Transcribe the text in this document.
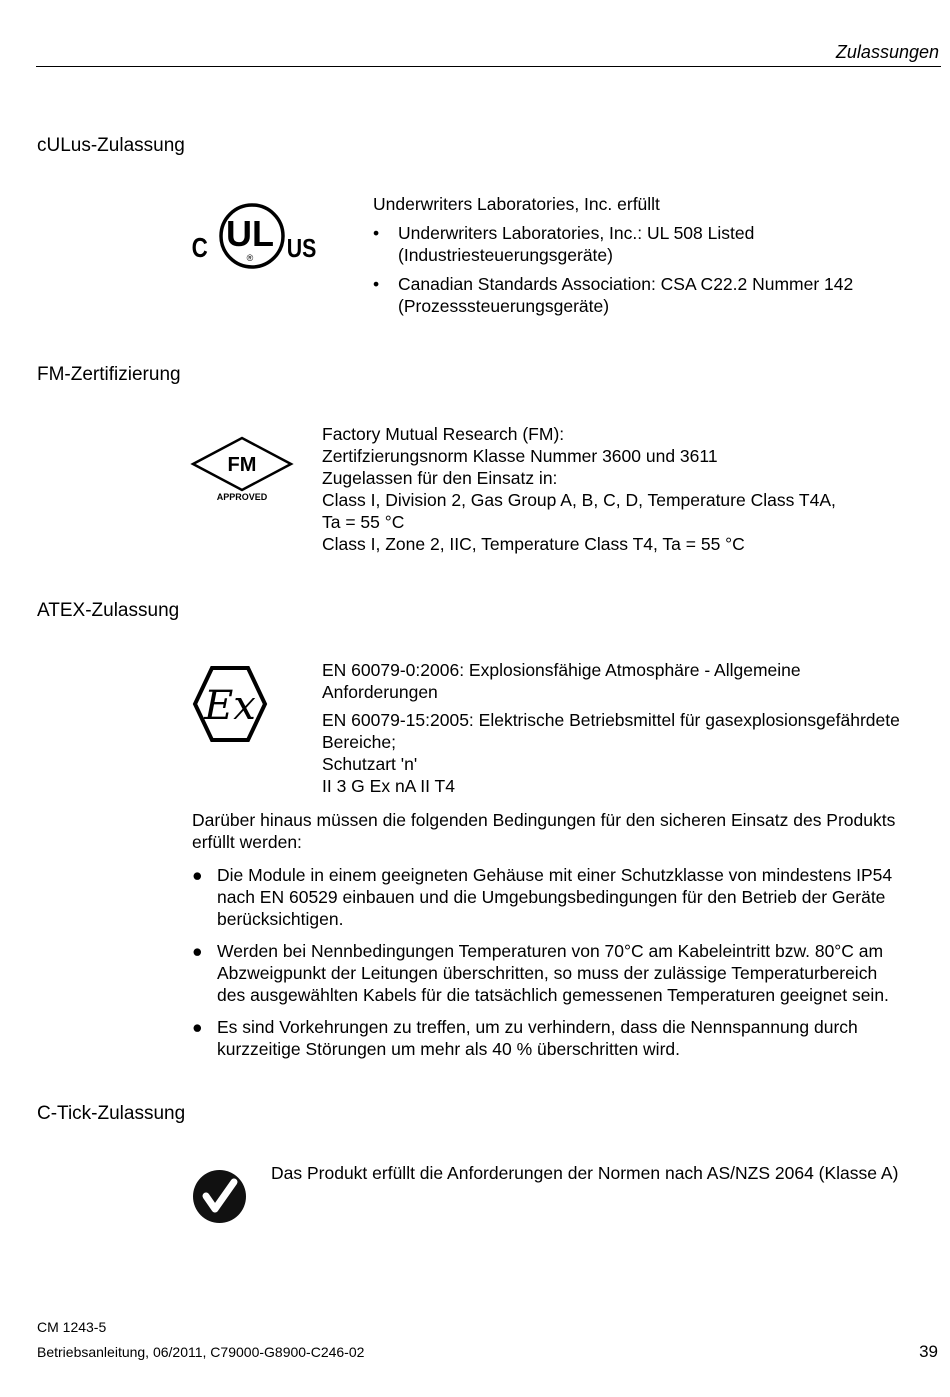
Zulassungen
cULus-Zulassung
C UL
® US
Underwriters Laboratories, Inc. erfüllt
• Underwriters Laboratories, Inc.: UL 508 Listed
(Industriesteuerungsgeräte)
• Canadian Standards Association: CSA C22.2 Nummer 142
(Prozesssteuerungsgeräte)
FM-Zertifizierung
FM
APPROVED
Factory Mutual Research (FM):
Zertifzierungsnorm Klasse Nummer 3600 und 3611
Zugelassen für den Einsatz in:
Class I, Division 2, Gas Group A, B, C, D, Temperature Class T4A,
Ta = 55 °C
Class I, Zone 2, IIC, Temperature Class T4, Ta = 55 °C
ATEX-Zulassung
Ex
EN 60079-0:2006: Explosionsfähige Atmosphäre - Allgemeine
Anforderungen
EN 60079-15:2005: Elektrische Betriebsmittel für gasexplosionsgefährdete
Bereiche;
Schutzart 'n'
II 3 G Ex nA II T4
Darüber hinaus müssen die folgenden Bedingungen für den sicheren Einsatz des Produkts
erfüllt werden:
● Die Module in einem geeigneten Gehäuse mit einer Schutzklasse von mindestens IP54
nach EN 60529 einbauen und die Umgebungsbedingungen für den Betrieb der Geräte
berücksichtigen.
● Werden bei Nennbedingungen Temperaturen von 70°C am Kabeleintritt bzw. 80°C am
Abzweigpunkt der Leitungen überschritten, so muss der zulässige Temperaturbereich
des ausgewählten Kabels für die tatsächlich gemessenen Temperaturen geeignet sein.
● Es sind Vorkehrungen zu treffen, um zu verhindern, dass die Nennspannung durch
kurzzeitige Störungen um mehr als 40 % überschritten wird.
C-Tick-Zulassung
Das Produkt erfüllt die Anforderungen der Normen nach AS/NZS 2064 (Klasse A)
CM 1243-5
Betriebsanleitung, 06/2011, C79000-G8900-C246-02	39
